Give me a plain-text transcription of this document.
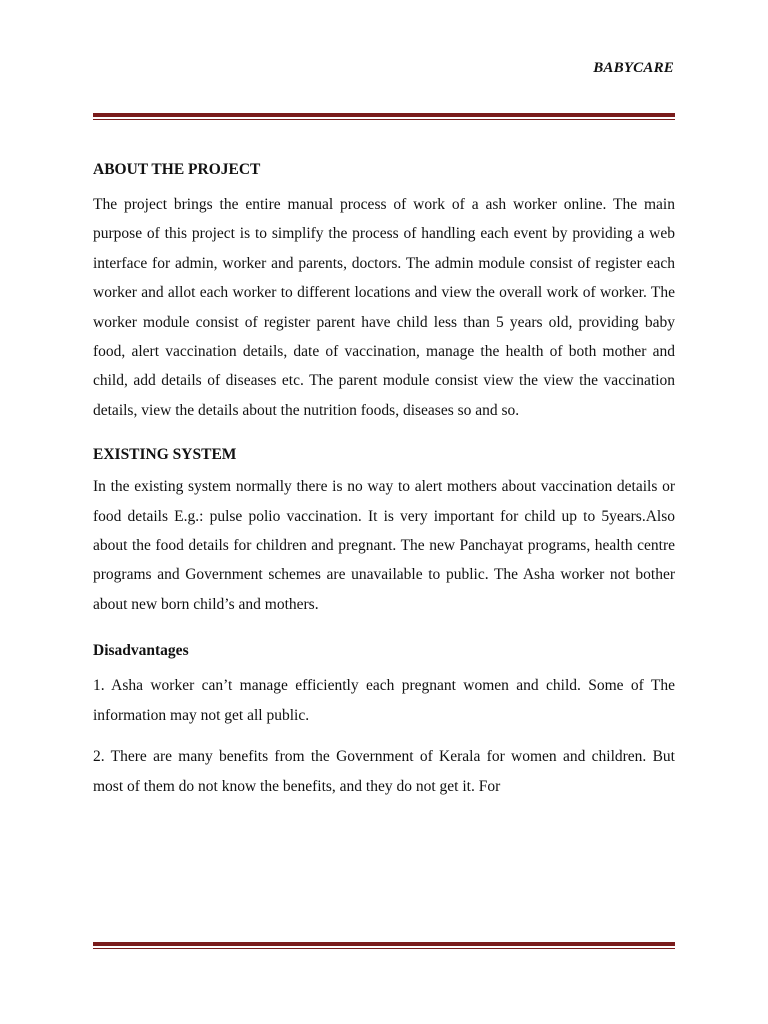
BABYCARE
ABOUT THE PROJECT

The project brings the entire manual process of work of a ash worker online. The main purpose of this project is to simplify the process of handling each event by providing a web interface for admin, worker and parents, doctors. The admin module consist of register each worker and allot each worker to different locations and view the overall work of worker. The worker module consist of register parent have child less than 5 years old, providing baby food, alert vaccination details, date of vaccination, manage the health of both mother and child, add details of diseases etc. The parent module consist view the view the vaccination details, view the details about the nutrition foods, diseases so and so.

EXISTING SYSTEM

In the existing system normally there is no way to alert mothers about vaccination details or food details E.g.: pulse polio vaccination. It is very important for child up to 5years.Also about the food details for children and pregnant. The new Panchayat programs, health centre programs and Government schemes are unavailable to public. The Asha worker not bother about new born child’s and mothers.

Disadvantages

1. Asha worker can’t manage efficiently each pregnant women and child. Some of The information may not get all public.

2. There are many benefits from the Government of Kerala for women and children. But most of them do not know the benefits, and they do not get it. For
